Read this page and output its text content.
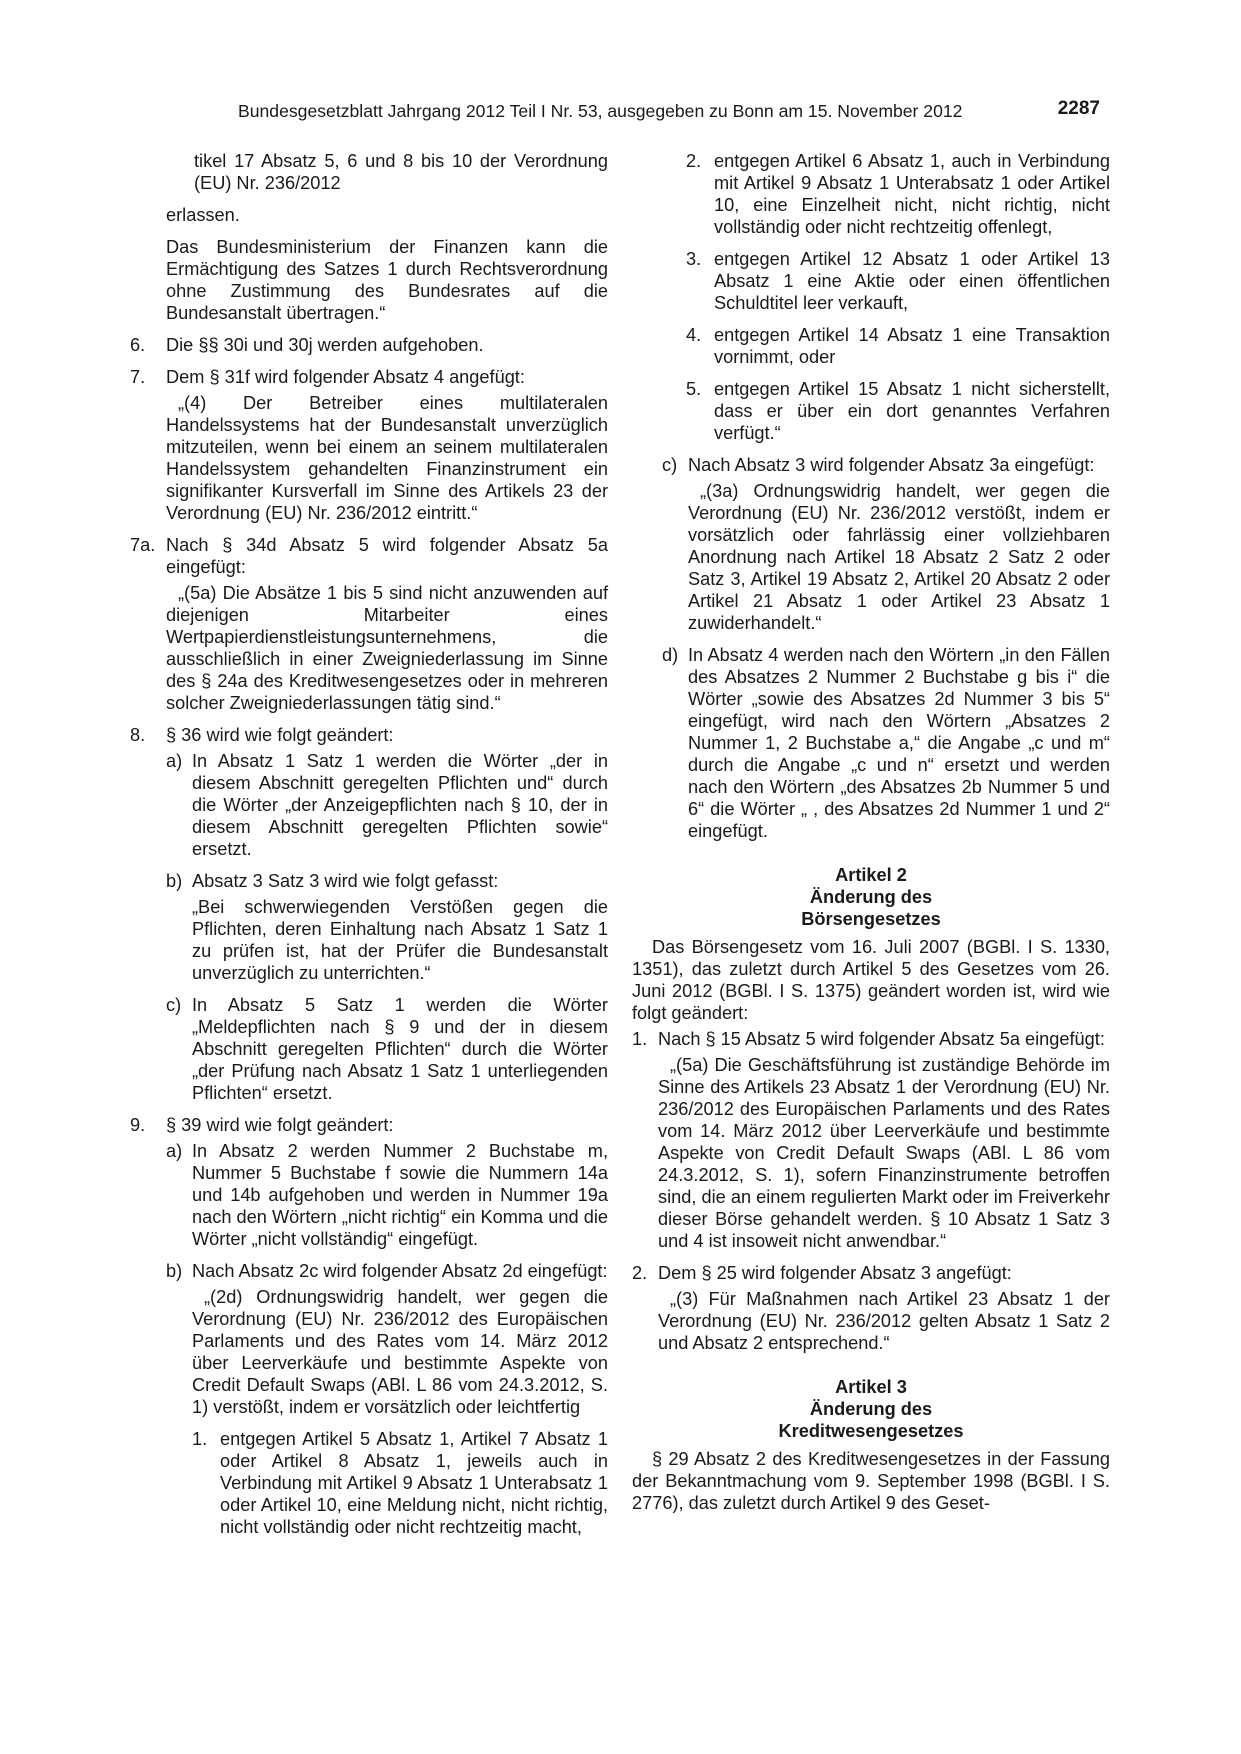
Bundesgesetzblatt Jahrgang 2012 Teil I Nr. 53, ausgegeben zu Bonn am 15. November 2012	2287

tikel 17 Absatz 5, 6 und 8 bis 10 der Verordnung (EU) Nr. 236/2012

erlassen.

Das Bundesministerium der Finanzen kann die Ermächtigung des Satzes 1 durch Rechtsverordnung ohne Zustimmung des Bundesrates auf die Bundesanstalt übertragen.“

6.	Die §§ 30i und 30j werden aufgehoben.
7.	Dem § 31f wird folgender Absatz 4 angefügt:

„(4) Der Betreiber eines multilateralen Handelssystems hat der Bundesanstalt unverzüglich mitzuteilen, wenn bei einem an seinem multilateralen Handelssystem gehandelten Finanzinstrument ein signifikanter Kursverfall im Sinne des Artikels 23 der Verordnung (EU) Nr. 236/2012 eintritt.“

7a. Nach § 34d Absatz 5 wird folgender Absatz 5a eingefügt:

„(5a) Die Absätze 1 bis 5 sind nicht anzuwenden auf diejenigen Mitarbeiter eines Wertpapierdienstleistungsunternehmens, die ausschließlich in einer Zweigniederlassung im Sinne des § 24a des Kreditwesengesetzes oder in mehreren solcher Zweigniederlassungen tätig sind.“

8.	§ 36 wird wie folgt geändert:
a) In Absatz 1 Satz 1 werden die Wörter „der in diesem Abschnitt geregelten Pflichten und“ durch die Wörter „der Anzeigepflichten nach § 10, der in diesem Abschnitt geregelten Pflichten sowie“ ersetzt.
b) Absatz 3 Satz 3 wird wie folgt gefasst:

„Bei schwerwiegenden Verstößen gegen die Pflichten, deren Einhaltung nach Absatz 1 Satz 1 zu prüfen ist, hat der Prüfer die Bundesanstalt unverzüglich zu unterrichten.“

c) In Absatz 5 Satz 1 werden die Wörter „Meldepflichten nach § 9 und der in diesem Abschnitt geregelten Pflichten“ durch die Wörter „der Prüfung nach Absatz 1 Satz 1 unterliegenden Pflichten“ ersetzt.
9.	§ 39 wird wie folgt geändert:
a) In Absatz 2 werden Nummer 2 Buchstabe m, Nummer 5 Buchstabe f sowie die Nummern 14a und 14b aufgehoben und werden in Nummer 19a nach den Wörtern „nicht richtig“ ein Komma und die Wörter „nicht vollständig“ eingefügt.
b) Nach Absatz 2c wird folgender Absatz 2d eingefügt:

„(2d) Ordnungswidrig handelt, wer gegen die Verordnung (EU) Nr. 236/2012 des Europäischen Parlaments und des Rates vom 14. März 2012 über Leerverkäufe und bestimmte Aspekte von Credit Default Swaps (ABl. L 86 vom 24.3.2012, S. 1) verstößt, indem er vorsätzlich oder leichtfertig

1. entgegen Artikel 5 Absatz 1, Artikel 7 Absatz 1 oder Artikel 8 Absatz 1, jeweils auch in Verbindung mit Artikel 9 Absatz 1 Unterabsatz 1 oder Artikel 10, eine Meldung nicht, nicht richtig, nicht vollständig oder nicht rechtzeitig macht,
2. entgegen Artikel 6 Absatz 1, auch in Verbindung mit Artikel 9 Absatz 1 Unterabsatz 1 oder Artikel 10, eine Einzelheit nicht, nicht richtig, nicht vollständig oder nicht rechtzeitig offenlegt,
3. entgegen Artikel 12 Absatz 1 oder Artikel 13 Absatz 1 eine Aktie oder einen öffentlichen Schuldtitel leer verkauft,
4. entgegen Artikel 14 Absatz 1 eine Transaktion vornimmt, oder
5. entgegen Artikel 15 Absatz 1 nicht sicherstellt, dass er über ein dort genanntes Verfahren verfügt.“
c) Nach Absatz 3 wird folgender Absatz 3a eingefügt:

„(3a) Ordnungswidrig handelt, wer gegen die Verordnung (EU) Nr. 236/2012 verstößt, indem er vorsätzlich oder fahrlässig einer vollziehbaren Anordnung nach Artikel 18 Absatz 2 Satz 2 oder Satz 3, Artikel 19 Absatz 2, Artikel 20 Absatz 2 oder Artikel 21 Absatz 1 oder Artikel 23 Absatz 1 zuwiderhandelt.“

d) In Absatz 4 werden nach den Wörtern „in den Fällen des Absatzes 2 Nummer 2 Buchstabe g bis i“ die Wörter „sowie des Absatzes 2d Nummer 3 bis 5“ eingefügt, wird nach den Wörtern „Absatzes 2 Nummer 1, 2 Buchstabe a,“ die Angabe „c und m“ durch die Angabe „c und n“ ersetzt und werden nach den Wörtern „des Absatzes 2b Nummer 5 und 6“ die Wörter „ , des Absatzes 2d Nummer 1 und 2“ eingefügt.

Artikel 2

Änderung des

Börsengesetzes

Das Börsengesetz vom 16. Juli 2007 (BGBl. I S. 1330, 1351), das zuletzt durch Artikel 5 des Gesetzes vom 26. Juni 2012 (BGBl. I S. 1375) geändert worden ist, wird wie folgt geändert:

1. Nach § 15 Absatz 5 wird folgender Absatz 5a eingefügt:

„(5a) Die Geschäftsführung ist zuständige Behörde im Sinne des Artikels 23 Absatz 1 der Verordnung (EU) Nr. 236/2012 des Europäischen Parlaments und des Rates vom 14. März 2012 über Leerverkäufe und bestimmte Aspekte von Credit Default Swaps (ABl. L 86 vom 24.3.2012, S. 1), sofern Finanzinstrumente betroffen sind, die an einem regulierten Markt oder im Freiverkehr dieser Börse gehandelt werden. § 10 Absatz 1 Satz 3 und 4 ist insoweit nicht anwendbar.“

2. Dem § 25 wird folgender Absatz 3 angefügt:

„(3) Für Maßnahmen nach Artikel 23 Absatz 1 der Verordnung (EU) Nr. 236/2012 gelten Absatz 1 Satz 2 und Absatz 2 entsprechend.“

Artikel 3

Änderung des

Kreditwesengesetzes

§ 29 Absatz 2 des Kreditwesengesetzes in der Fassung der Bekanntmachung vom 9. September 1998 (BGBl. I S. 2776), das zuletzt durch Artikel 9 des Geset-
